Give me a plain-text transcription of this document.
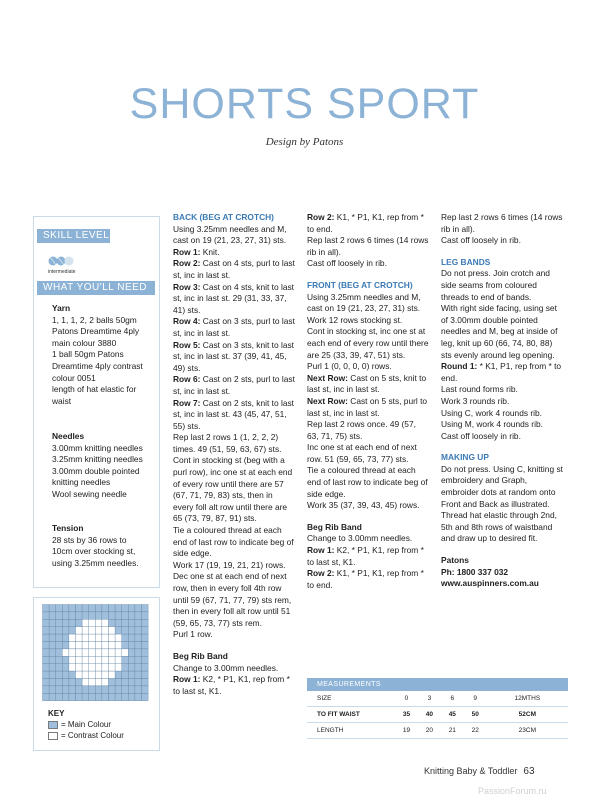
SHORTS SPORT
Design by Patons
SKILL LEVEL
intermediate
WHAT YOU'LL NEED
Yarn
1, 1, 1, 2, 2 balls 50gm
Patons Dreamtime 4ply
main colour 3880
1 ball 50gm Patons
Dreamtime 4ply contrast
colour 0051
length of hat elastic for
waist
Needles
3.00mm knitting needles
3.25mm knitting needles
3.00mm double pointed
knitting needles
Wool sewing needle
Tension
28 sts by 36 rows to
10cm over stocking st,
using 3.25mm needles.
KEY
= Main Colour
= Contrast Colour

BACK (BEG AT CROTCH)

Using 3.25mm needles and M, cast on 19 (21, 23, 27, 31) sts.

Row 1: Knit.

Row 2: Cast on 4 sts, purl to last st, inc in last st.

Row 3: Cast on 4 sts, knit to last st, inc in last st. 29 (31, 33, 37, 41) sts.

Row 4: Cast on 3 sts, purl to last st, inc in last st.

Row 5: Cast on 3 sts, knit to last st, inc in last st. 37 (39, 41, 45, 49) sts.

Row 6: Cast on 2 sts, purl to last st, inc in last st.

Row 7: Cast on 2 sts, knit to last st, inc in last st. 43 (45, 47, 51, 55) sts.

Rep last 2 rows 1 (1, 2, 2, 2) times. 49 (51, 59, 63, 67) sts.

Cont in stocking st (beg with a purl row), inc one st at each end of every row until there are 57 (67, 71, 79, 83) sts, then in every foll alt row until there are 65 (73, 79, 87, 91) sts.

Tie a coloured thread at each end of last row to indicate beg of side edge.

Work 17 (19, 19, 21, 21) rows.

Dec one st at each end of next row, then in every foll 4th row until 59 (67, 71, 77, 79) sts rem, then in every foll alt row until 51 (59, 65, 73, 77) sts rem.

Purl 1 row.

Beg Rib Band

Change to 3.00mm needles.

Row 1: K2, * P1, K1, rep from * to last st, K1.

Row 2: K1, * P1, K1, rep from * to end.

Rep last 2 rows 6 times (14 rows rib in all).

Cast off loosely in rib.

FRONT (BEG AT CROTCH)

Using 3.25mm needles and M, cast on 19 (21, 23, 27, 31) sts.

Work 12 rows stocking st.

Cont in stocking st, inc one st at each end of every row until there are 25 (33, 39, 47, 51) sts.

Purl 1 (0, 0, 0, 0) rows.

Next Row: Cast on 5 sts, knit to last st, inc in last st.

Next Row: Cast on 5 sts, purl to last st, inc in last st.

Rep last 2 rows once. 49 (57, 63, 71, 75) sts.

Inc one st at each end of next row. 51 (59, 65, 73, 77) sts.

Tie a coloured thread at each end of last row to indicate beg of side edge.

Work 35 (37, 39, 43, 45) rows.

Beg Rib Band

Change to 3.00mm needles.

Row 1: K2, * P1, K1, rep from * to last st, K1.

Row 2: K1, * P1, K1, rep from * to end.

Rep last 2 rows 6 times (14 rows rib in all).

Cast off loosely in rib.

LEG BANDS

Do not press. Join crotch and side seams from coloured threads to end of bands.

With right side facing, using set of 3.00mm double pointed needles and M, beg at inside of leg, knit up 60 (66, 74, 80, 88) sts evenly around leg opening.

Round 1: * K1, P1, rep from * to end.

Last round forms rib.

Work 3 rounds rib.

Using C, work 4 rounds rib.

Using M, work 4 rounds rib.

Cast off loosely in rib.

MAKING UP

Do not press. Using C, knitting st embroidery and Graph, embroider dots at random onto Front and Back as illustrated. Thread hat elastic through 2nd, 5th and 8th rows of waistband and draw up to desired fit.

Patons

Ph: 1800 337 032

www.auspinners.com.au

MEASUREMENTS
SIZE	0	3	6	9	12MTHS
TO FIT WAIST	35	40	45	50	52CM
LENGTH	19	20	21	22	23CM
Knitting Baby & Toddler 63
PassionForum.ru
